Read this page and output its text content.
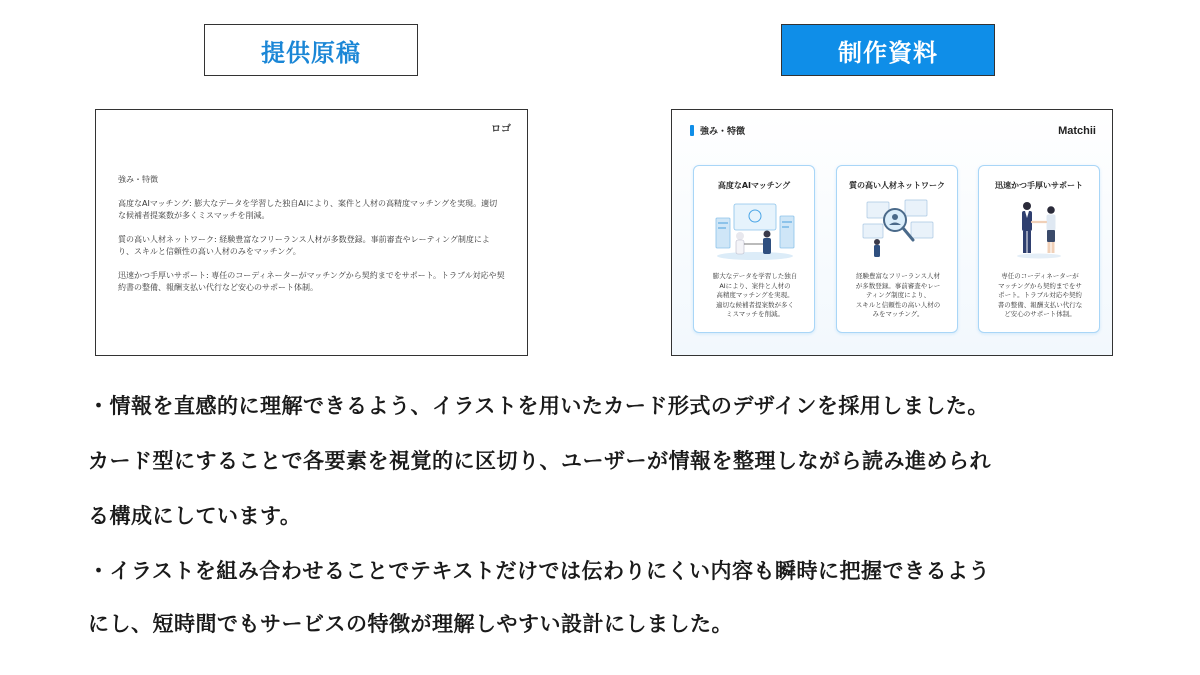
提供原稿	制作資料
ロゴ
強み・特徴
高度なAIマッチング: 膨大なデータを学習した独自AIにより、案件と人材の高精度マッチングを実現。適切な候補者提案数が多くミスマッチを削減。
質の高い人材ネットワーク: 経験豊富なフリーランス人材が多数登録。事前審査やレーティング制度により、スキルと信頼性の高い人材のみをマッチング。
迅速かつ手厚いサポート: 専任のコーディネーターがマッチングから契約までをサポート。トラブル対応や契約書の整備、報酬支払い代行など安心のサポート体制。
強み・特徴	Matchii
高度なAIマッチング
膨大なデータを学習した独自
AIにより、案件と人材の
高精度マッチングを実現。
適切な候補者提案数が多く
ミスマッチを削減。
質の高い人材ネットワーク
経験豊富なフリーランス人材
が多数登録。事前審査やレー
ティング制度により、
スキルと信頼性の高い人材の
みをマッチング。
迅速かつ手厚いサポート
専任のコーディネーターが
マッチングから契約までをサ
ポート。トラブル対応や契約
書の整備、報酬支払い代行な
ど安心のサポート体制。
・情報を直感的に理解できるよう、イラストを用いたカード形式のデザインを採用しました。
カード型にすることで各要素を視覚的に区切り、ユーザーが情報を整理しながら読み進められ
る構成にしています。
・イラストを組み合わせることでテキストだけでは伝わりにくい内容も瞬時に把握できるよう
にし、短時間でもサービスの特徴が理解しやすい設計にしました。
